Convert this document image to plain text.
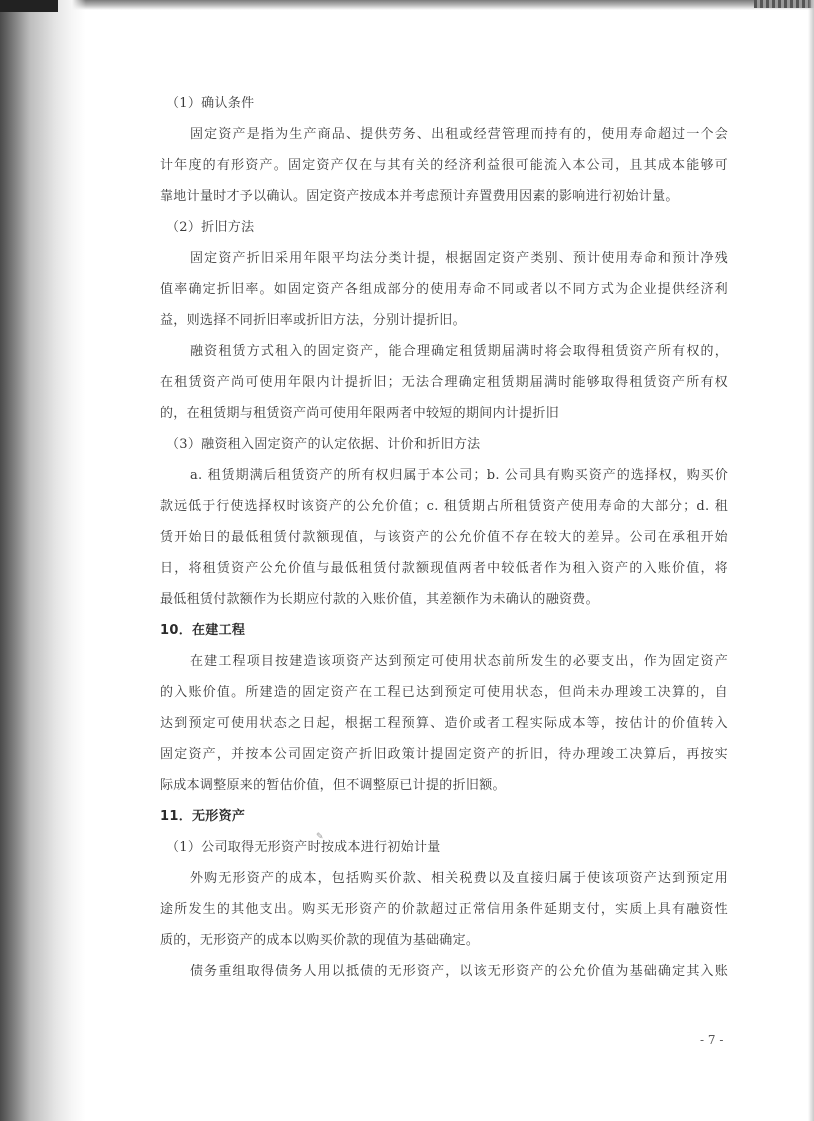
（1）确认条件
固定资产是指为生产商品、提供劳务、出租或经营管理而持有的，使用寿命超过一个会
计年度的有形资产。固定资产仅在与其有关的经济利益很可能流入本公司，且其成本能够可
靠地计量时才予以确认。固定资产按成本并考虑预计弃置费用因素的影响进行初始计量。
（2）折旧方法
固定资产折旧采用年限平均法分类计提，根据固定资产类别、预计使用寿命和预计净残
值率确定折旧率。如固定资产各组成部分的使用寿命不同或者以不同方式为企业提供经济利
益，则选择不同折旧率或折旧方法，分别计提折旧。
融资租赁方式租入的固定资产，能合理确定租赁期届满时将会取得租赁资产所有权的，
在租赁资产尚可使用年限内计提折旧；无法合理确定租赁期届满时能够取得租赁资产所有权
的，在租赁期与租赁资产尚可使用年限两者中较短的期间内计提折旧
（3）融资租入固定资产的认定依据、计价和折旧方法
a. 租赁期满后租赁资产的所有权归属于本公司；b. 公司具有购买资产的选择权，购买价
款远低于行使选择权时该资产的公允价值；c. 租赁期占所租赁资产使用寿命的大部分；d. 租
赁开始日的最低租赁付款额现值，与该资产的公允价值不存在较大的差异。公司在承租开始
日，将租赁资产公允价值与最低租赁付款额现值两者中较低者作为租入资产的入账价值，将
最低租赁付款额作为长期应付款的入账价值，其差额作为未确认的融资费。
10．在建工程
在建工程项目按建造该项资产达到预定可使用状态前所发生的必要支出，作为固定资产
的入账价值。所建造的固定资产在工程已达到预定可使用状态，但尚未办理竣工决算的，自
达到预定可使用状态之日起，根据工程预算、造价或者工程实际成本等，按估计的价值转入
固定资产，并按本公司固定资产折旧政策计提固定资产的折旧，待办理竣工决算后，再按实
际成本调整原来的暂估价值，但不调整原已计提的折旧额。
11．无形资产
（1）公司取得无形资产时按成本进行初始计量
外购无形资产的成本，包括购买价款、相关税费以及直接归属于使该项资产达到预定用
途所发生的其他支出。购买无形资产的价款超过正常信用条件延期支付，实质上具有融资性
质的，无形资产的成本以购买价款的现值为基础确定。
债务重组取得债务人用以抵债的无形资产，以该无形资产的公允价值为基础确定其入账
✎
- 7 -
